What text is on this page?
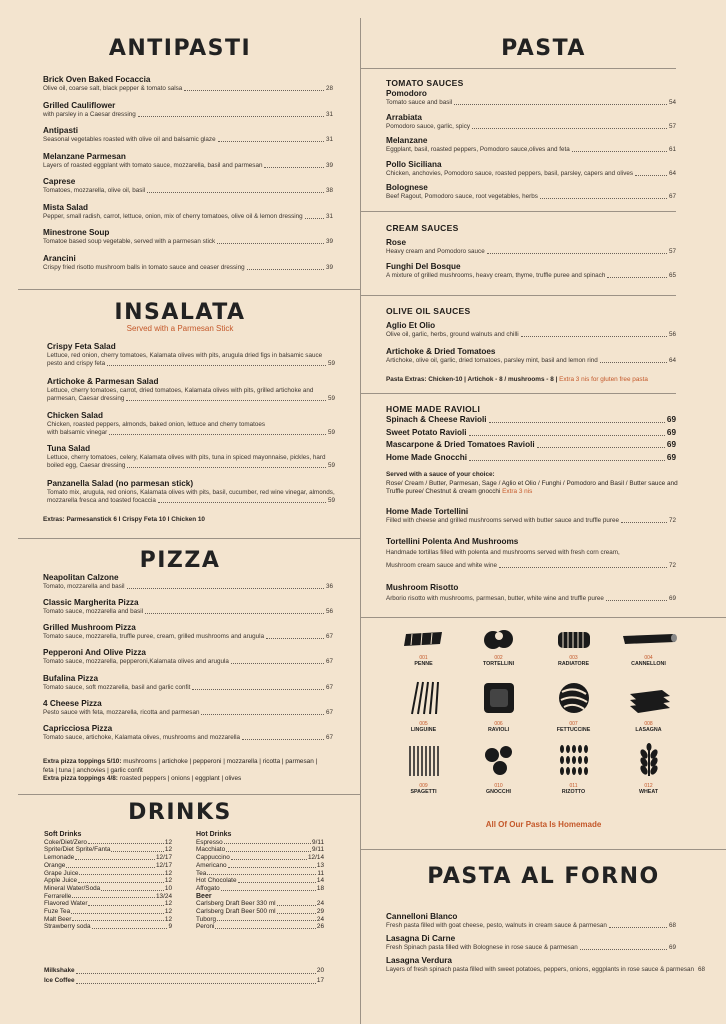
ANTIPASTI
Brick Oven Baked Focaccia
Olive oil, coarse salt, black pepper & tomato salsa	28
Grilled Cauliflower
with parsley in a Caesar dressing	31
Antipasti
Seasonal vegetables roasted with olive oil and balsamic glaze	31
Melanzane Parmesan
Layers of roasted eggplant with tomato sauce, mozzarella, basil and parmesan	39
Caprese
Tomatoes, mozzarella, olive oil, basil	38
Mista Salad
Pepper, small radish, carrot, lettuce, onion, mix of cherry tomatoes, olive oil & lemon dressing	31
Minestrone Soup
Tomatoe based soup vegetable, served with a parmesan stick	39
Arancini
Crispy fried risotto mushroom balls in tomato sauce and ceaser dressing	39
INSALATA
Served with a Parmesan Stick
Crispy Feta Salad
Lettuce, red onion, cherry tomatoes, Kalamata olives with pits, arugula dried figs in balsamic sauce
pesto and crispy feta	59
Artichoke & Parmesan Salad
Lettuce, cherry tomatoes, carrot, dried tomatoes, Kalamata olives with pits, grilled artichoke and
parmesan, Caesar dressing	59
Chicken Salad
Chicken, roasted peppers, almonds, baked onion, lettuce and cherry tomatoes
with balsamic vinegar	59
Tuna Salad
Lettuce, cherry tomatoes, celery, Kalamata olives with pits, tuna in spiced mayonnaise, pickles, hard
boiled egg, Caesar dressing	59
Panzanella Salad (no parmesan stick)
Tomato mix, arugula, red onions, Kalamata olives with pits, basil, cucumber, red wine vinegar, almonds,
mozzarella fresca and toasted focaccia	59
Extras: Parmesanstick 6 I Crispy Feta 10 I Chicken 10
PIZZA
Neapolitan Calzone
Tomato, mozzarella and basil	36
Classic Margherita Pizza
Tomato sauce, mozzarella and basil	56
Grilled Mushroom Pizza
Tomato sauce, mozzarella, truffle puree, cream, grilled mushrooms and arugula	67
Pepperoni And Olive Pizza
Tomato sauce, mozzarella, pepperoni,Kalamata olives and arugula	67
Bufalina Pizza
Tomato sauce, soft mozzarella, basil and garlic confit	67
4 Cheese Pizza
Pesto sauce with feta, mozzarella, ricotta and parmesan	67
Capricciosa Pizza
Tomato sauce, artichoke, Kalamata olives, mushrooms and mozzarella	67
Extra pizza toppings 5/10: mushrooms | artichoke | pepperoni | mozzarella | ricotta | parmesan |
feta | tuna | anchovies | garlic confit
Extra pizza toppings 4/8: roasted peppers | onions | eggplant | olives
DRINKS
Soft Drinks
Coke/Diet/Zero	12
Sprite/Diet Sprite/Fanta	12
Lemonade	12/17
Orange	12/17
Grape Juice	12
Apple Juice	12
Mineral Water/Soda	10
Ferrarelle	13/24
Flavored Water	12
Fuze Tea	12
Malt Beer	12
Strawberry soda	9
Hot Drinks
Espresso	9/11
Macchiato	9/11
Cappuccino	12/14
Americano	13
Tea	11
Hot Chocolate	14
Affogato	18
Beer
Carlsberg Draft Beer 330 ml	24
Carlsberg Draft Beer 500 ml	29
Tuborg	24
Peroni	26
Milkshake	20
Ice Coffee	17
PASTA
TOMATO SAUCES
Pomodoro
Tomato sauce and basil	54
Arrabiata
Pomodoro sauce, garlic, spicy	57
Melanzane
Eggplant, basil, roasted peppers, Pomodoro sauce,olives and feta	61
Pollo Siciliana
Chicken, anchovies, Pomodoro sauce, roasted peppers, basil, parsley, capers and olives	64
Bolognese
Beef Ragout, Pomodoro sauce, root vegetables, herbs	67
CREAM SAUCES
Rose
Heavy cream and Pomodoro sauce	57
Funghi Del Bosque
A mixture of grilled mushrooms, heavy cream, thyme, truffle puree and spinach	65
OLIVE OIL SAUCES
Aglio Et Olio
Olive oil, garlic, herbs, ground walnuts and chilli	56
Artichoke & Dried Tomatoes
Artichoke, olive oil, garlic, dried tomatoes, parsley mint, basil and lemon rind	64
Pasta Extras: Chicken-10 | Artichok - 8 / mushrooms - 8 | Extra 3 nis for gluten free pasta
HOME MADE RAVIOLI
Spinach & Cheese Ravioli	69
Sweet Potato Ravioli	69
Mascarpone & Dried Tomatoes Ravioli	69
Home Made Gnocchi	69
Served with a sauce of your choice:
Rose/ Cream / Butter, Parmesan, Sage / Aglio et Olio / Funghi / Pomodoro and Basil / Butter sauce and
Truffle puree/ Chestnut & cream gnocchi Extra 3 nis
Home Made Tortellini
Filled with cheese and grilled mushrooms served with butter sauce and truffle puree	72
Tortellini Polenta And Mushrooms
Handmade tortillas filled with polenta and mushrooms served with fresh corn cream,
Mushroom cream sauce and white wine	72
Mushroom Risotto
Arborio risotto with mushrooms, parmesan, butter, white wine and truffle puree	69
001
PENNE
002
TORTELLINI
003
RADIATORE
004
CANNELLONI
005
LINGUINE
006
RAVIOLI
007
FETTUCCINE
008
LASAGNA
009
SPAGETTI
010
GNOCCHI
011
RIZOTTO
012
WHEAT
All Of Our Pasta Is Homemade
PASTA AL FORNO
Cannelloni Blanco
Fresh pasta filled with goat cheese, pesto, walnuts in cream sauce & parmesan	68
Lasagna Di Carne
Fresh Spinach pasta filled with Bolognese in rose sauce & parmesan	69
Lasagna Verdura
Layers of fresh spinach pasta filled with sweet potatoes, peppers, onions, eggplants in rose sauce & parmesan 68
